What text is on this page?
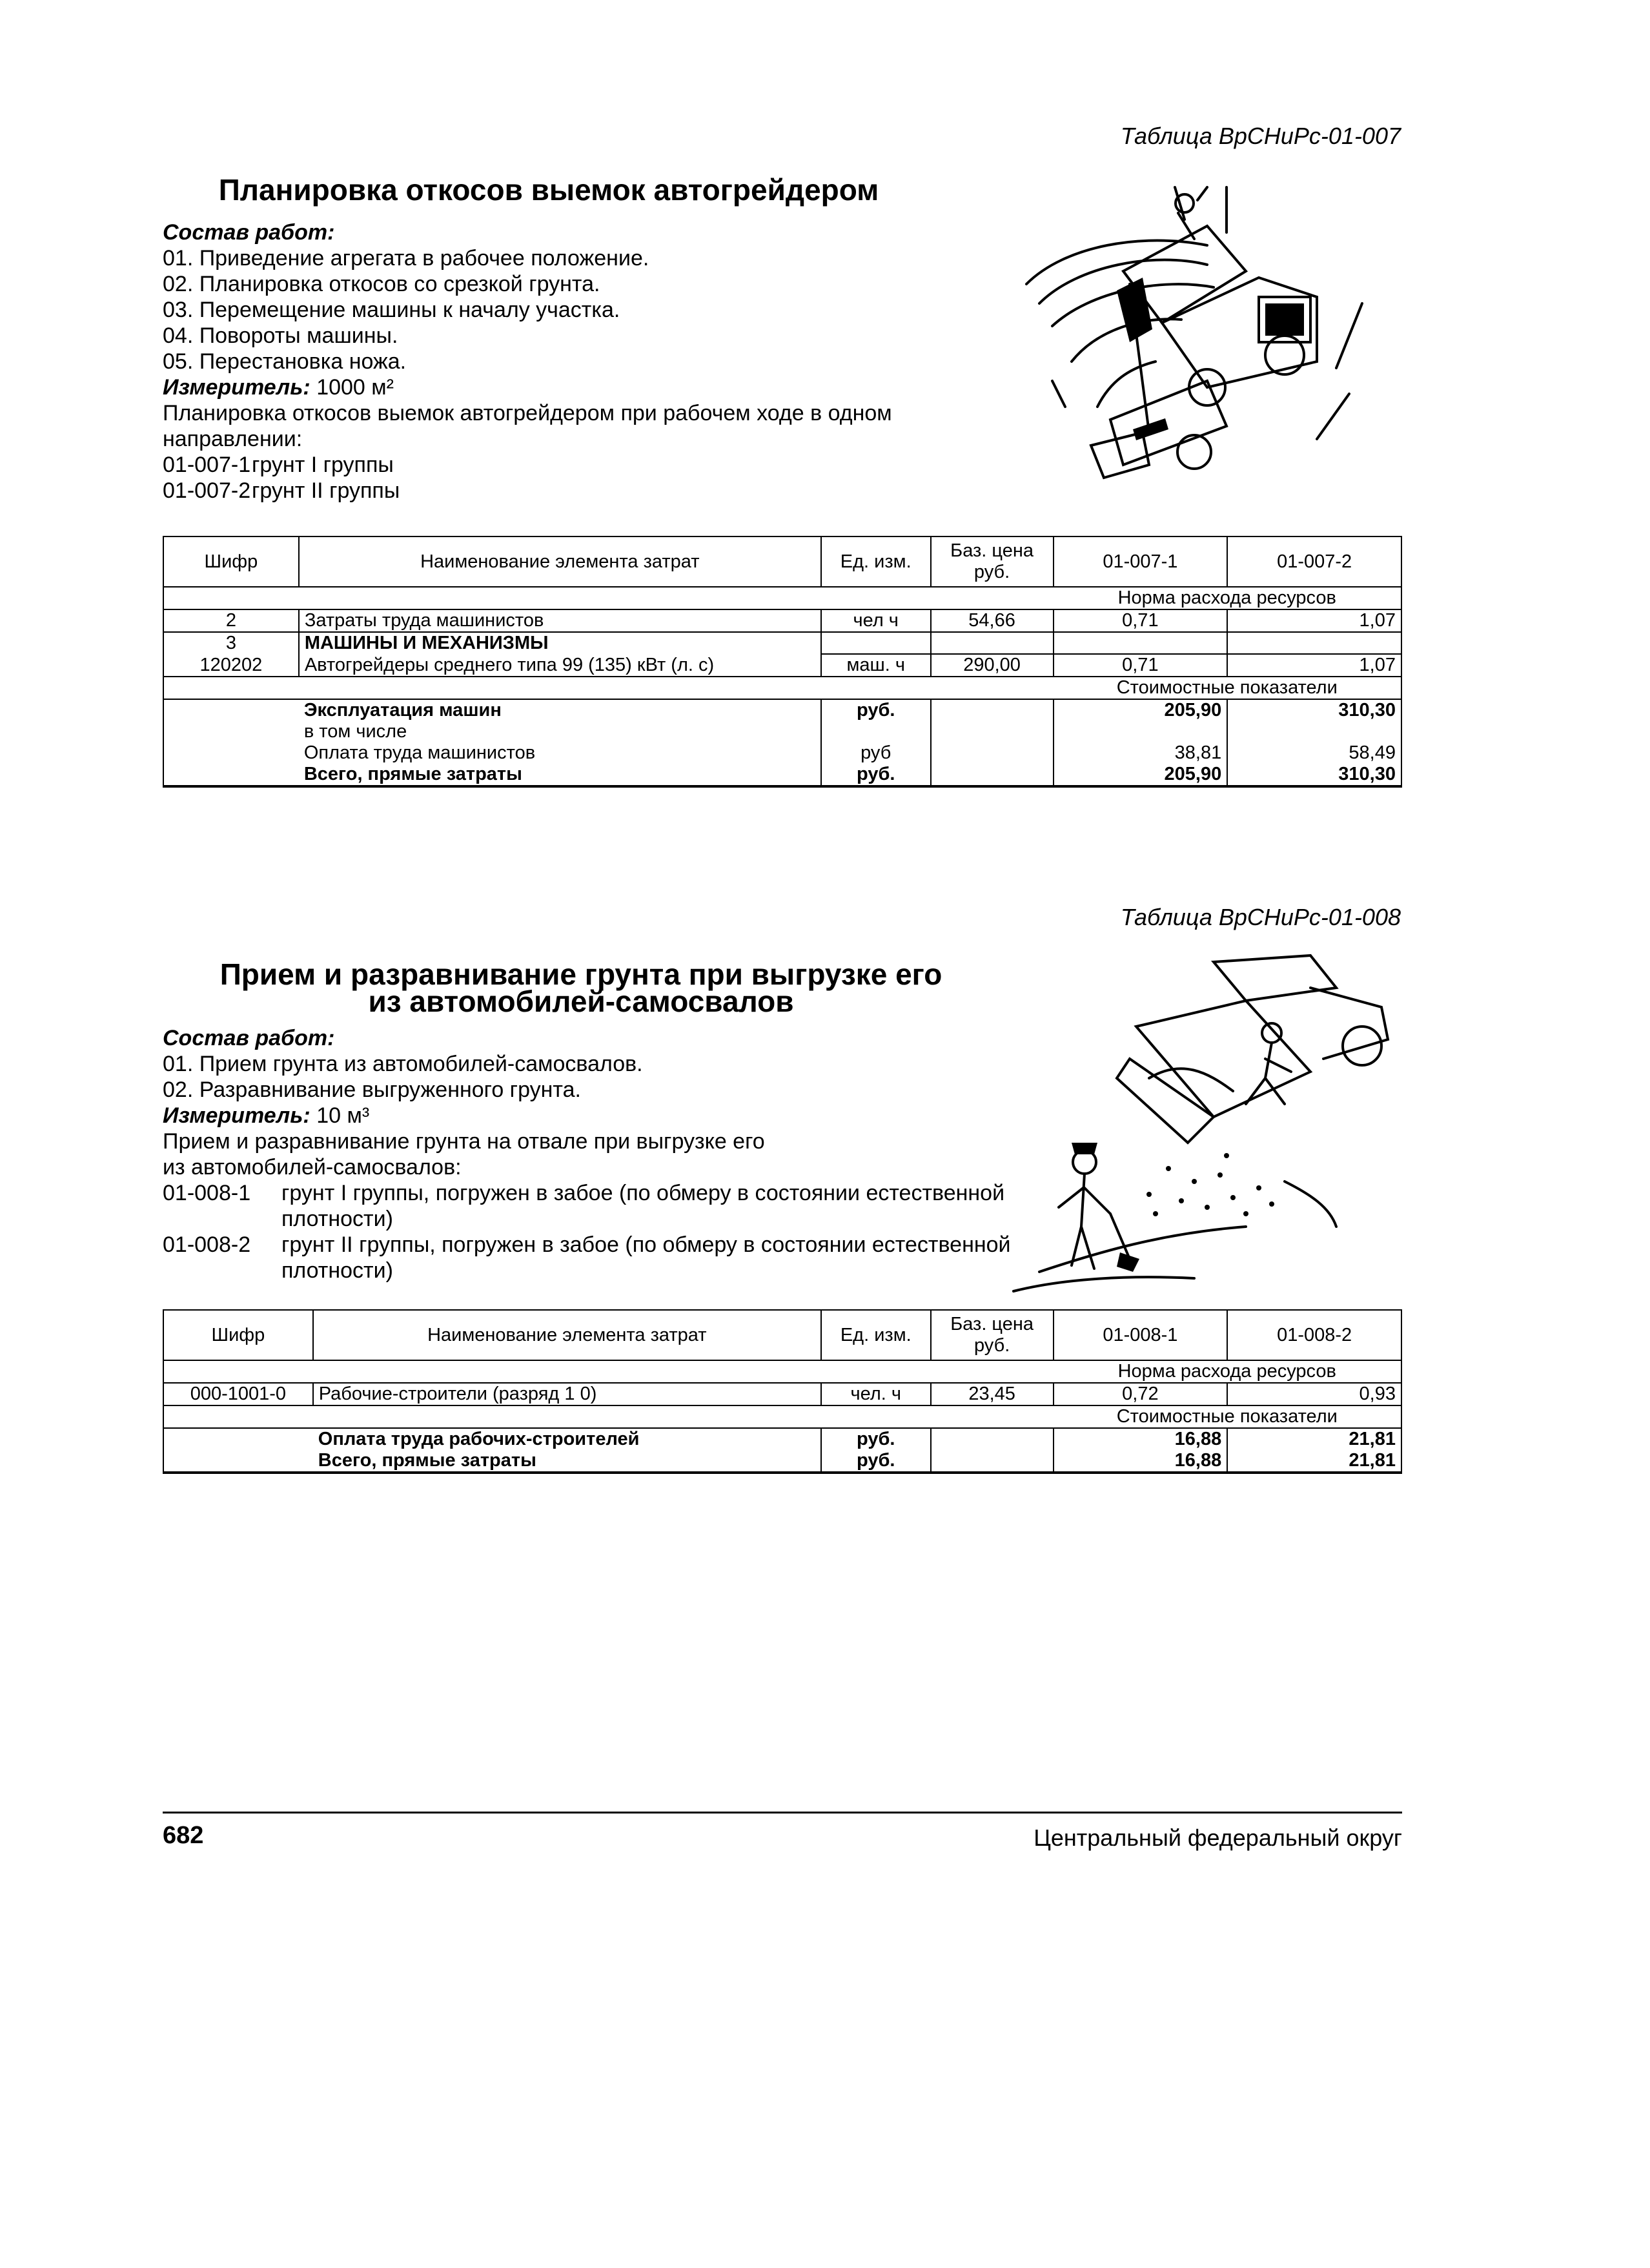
Таблица ВрСНиРс-01-007
Планировка откосов выемок автогрейдером
Состав работ:
01. Приведение агрегата в рабочее положение.
02. Планировка откосов со срезкой грунта.
03. Перемещение машины к началу участка.
04. Повороты машины.
05. Перестановка ножа.
Измеритель: 1000 м²
Планировка откосов выемок автогрейдером при рабочем ходе в одном
направлении:
01-007-1грунт I группы
01-007-2грунт II группы
Шифр	Наименование элемента затрат	Ед. изм.	Баз. цена руб.	01-007-1	01-007-2
				Норма расхода ресурсов	
2	Затраты труда машинистов	чел ч	54,66	0,71	1,07
3	МАШИНЫ И МЕХАНИЗМЫ				
120202	Автогрейдеры среднего типа 99 (135) кВт (л. с)	маш. ч	290,00	0,71	1,07
				Стоимостные показатели	
	Эксплуатация машин	руб.		205,90	310,30
	в том числе				
	Оплата труда машинистов	руб		38,81	58,49
	Всего, прямые затраты	руб.		205,90	310,30
Таблица ВрСНиРс-01-008
Прием и разравнивание грунта при выгрузке его
из автомобилей-самосвалов
Состав работ:
01. Прием грунта из автомобилей-самосвалов.
02. Разравнивание выгруженного грунта.
Измеритель: 10 м³
Прием и разравнивание грунта на отвале при выгрузке его
из автомобилей-самосвалов:
01-008-1 грунт I группы, погружен в забое (по обмеру в состоянии естественной плотности)
01-008-2 грунт II группы, погружен в забое (по обмеру в состоянии естественной плотности)
Шифр	Наименование элемента затрат	Ед. изм.	Баз. цена руб.	01-008-1	01-008-2
				Норма расхода ресурсов	
000-1001-0	Рабочие-строители (разряд 1 0)	чел. ч	23,45	0,72	0,93
				Стоимостные показатели	
	Оплата труда рабочих-строителей	руб.		16,88	21,81
	Всего, прямые затраты	руб.		16,88	21,81
682	Центральный федеральный округ
